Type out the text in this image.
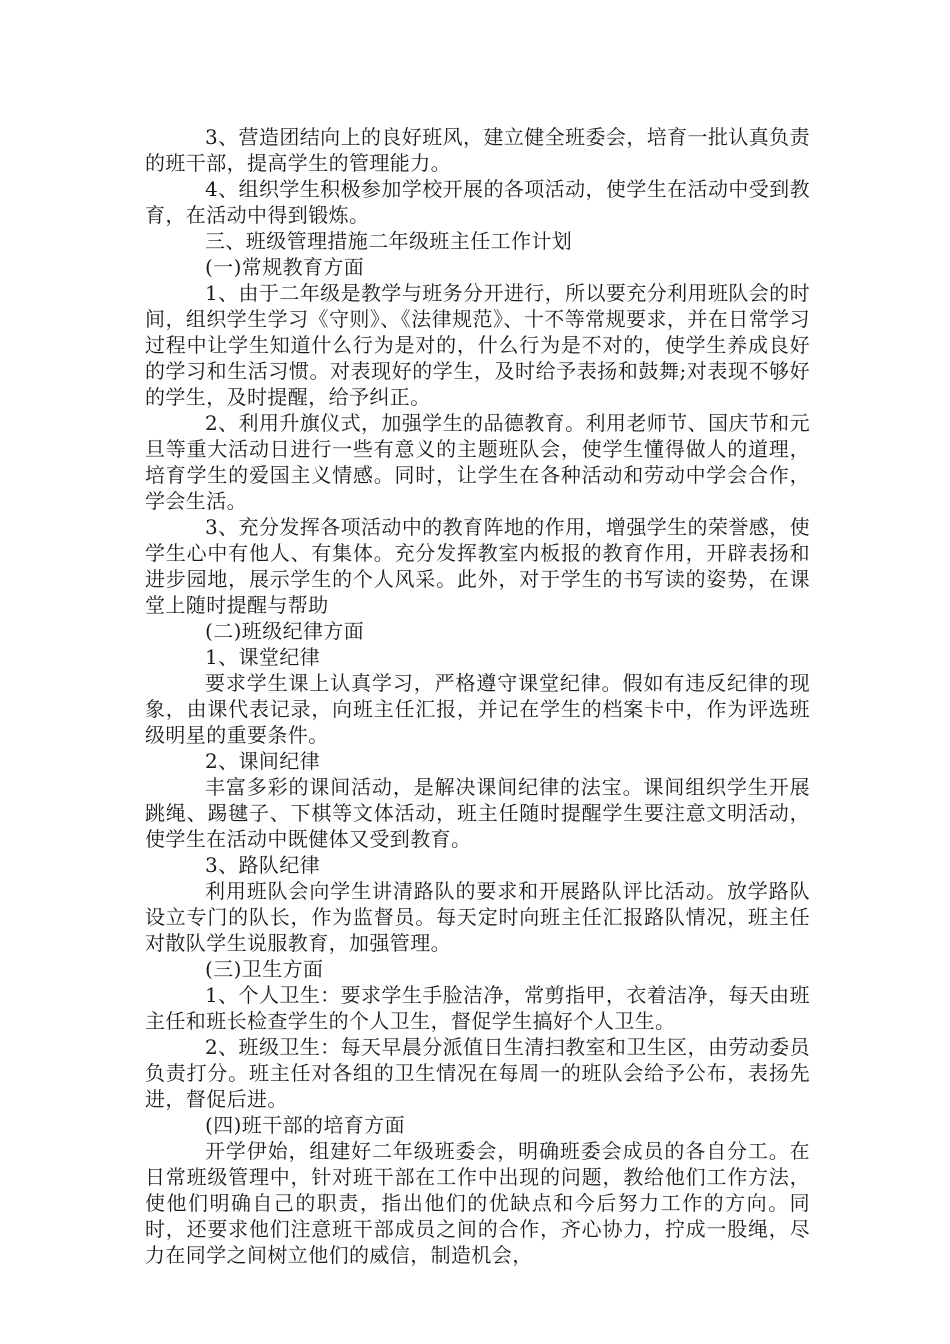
3、营造团结向上的良好班风，建立健全班委会，培育一批认真负责的班干部，提高学生的管理能力。

4、组织学生积极参加学校开展的各项活动，使学生在活动中受到教育，在活动中得到锻炼。

三、班级管理措施二年级班主任工作计划

(一)常规教育方面

1、由于二年级是教学与班务分开进行，所以要充分利用班队会的时间，组织学生学习《守则》、《法律规范》、十不等常规要求，并在日常学习过程中让学生知道什么行为是对的，什么行为是不对的，使学生养成良好的学习和生活习惯。对表现好的学生，及时给予表扬和鼓舞;对表现不够好的学生，及时提醒，给予纠正。

2、利用升旗仪式，加强学生的品德教育。利用老师节、国庆节和元旦等重大活动日进行一些有意义的主题班队会，使学生懂得做人的道理，培育学生的爱国主义情感。同时，让学生在各种活动和劳动中学会合作，学会生活。

3、充分发挥各项活动中的教育阵地的作用，增强学生的荣誉感，使学生心中有他人、有集体。充分发挥教室内板报的教育作用，开辟表扬和进步园地，展示学生的个人风采。此外，对于学生的书写读的姿势，在课堂上随时提醒与帮助

(二)班级纪律方面

1、课堂纪律

要求学生课上认真学习，严格遵守课堂纪律。假如有违反纪律的现象，由课代表记录，向班主任汇报，并记在学生的档案卡中，作为评选班级明星的重要条件。

2、课间纪律

丰富多彩的课间活动，是解决课间纪律的法宝。课间组织学生开展跳绳、踢毽子、下棋等文体活动，班主任随时提醒学生要注意文明活动，使学生在活动中既健体又受到教育。

3、路队纪律

利用班队会向学生讲清路队的要求和开展路队评比活动。放学路队设立专门的队长，作为监督员。每天定时向班主任汇报路队情况，班主任对散队学生说服教育，加强管理。

(三)卫生方面

1、个人卫生：要求学生手脸洁净，常剪指甲，衣着洁净，每天由班主任和班长检查学生的个人卫生，督促学生搞好个人卫生。

2、班级卫生：每天早晨分派值日生清扫教室和卫生区，由劳动委员负责打分。班主任对各组的卫生情况在每周一的班队会给予公布，表扬先进，督促后进。

(四)班干部的培育方面

开学伊始，组建好二年级班委会，明确班委会成员的各自分工。在日常班级管理中，针对班干部在工作中出现的问题，教给他们工作方法，使他们明确自己的职责，指出他们的优缺点和今后努力工作的方向。同时，还要求他们注意班干部成员之间的合作，齐心协力，拧成一股绳，尽力在同学之间树立他们的威信，制造机会，
